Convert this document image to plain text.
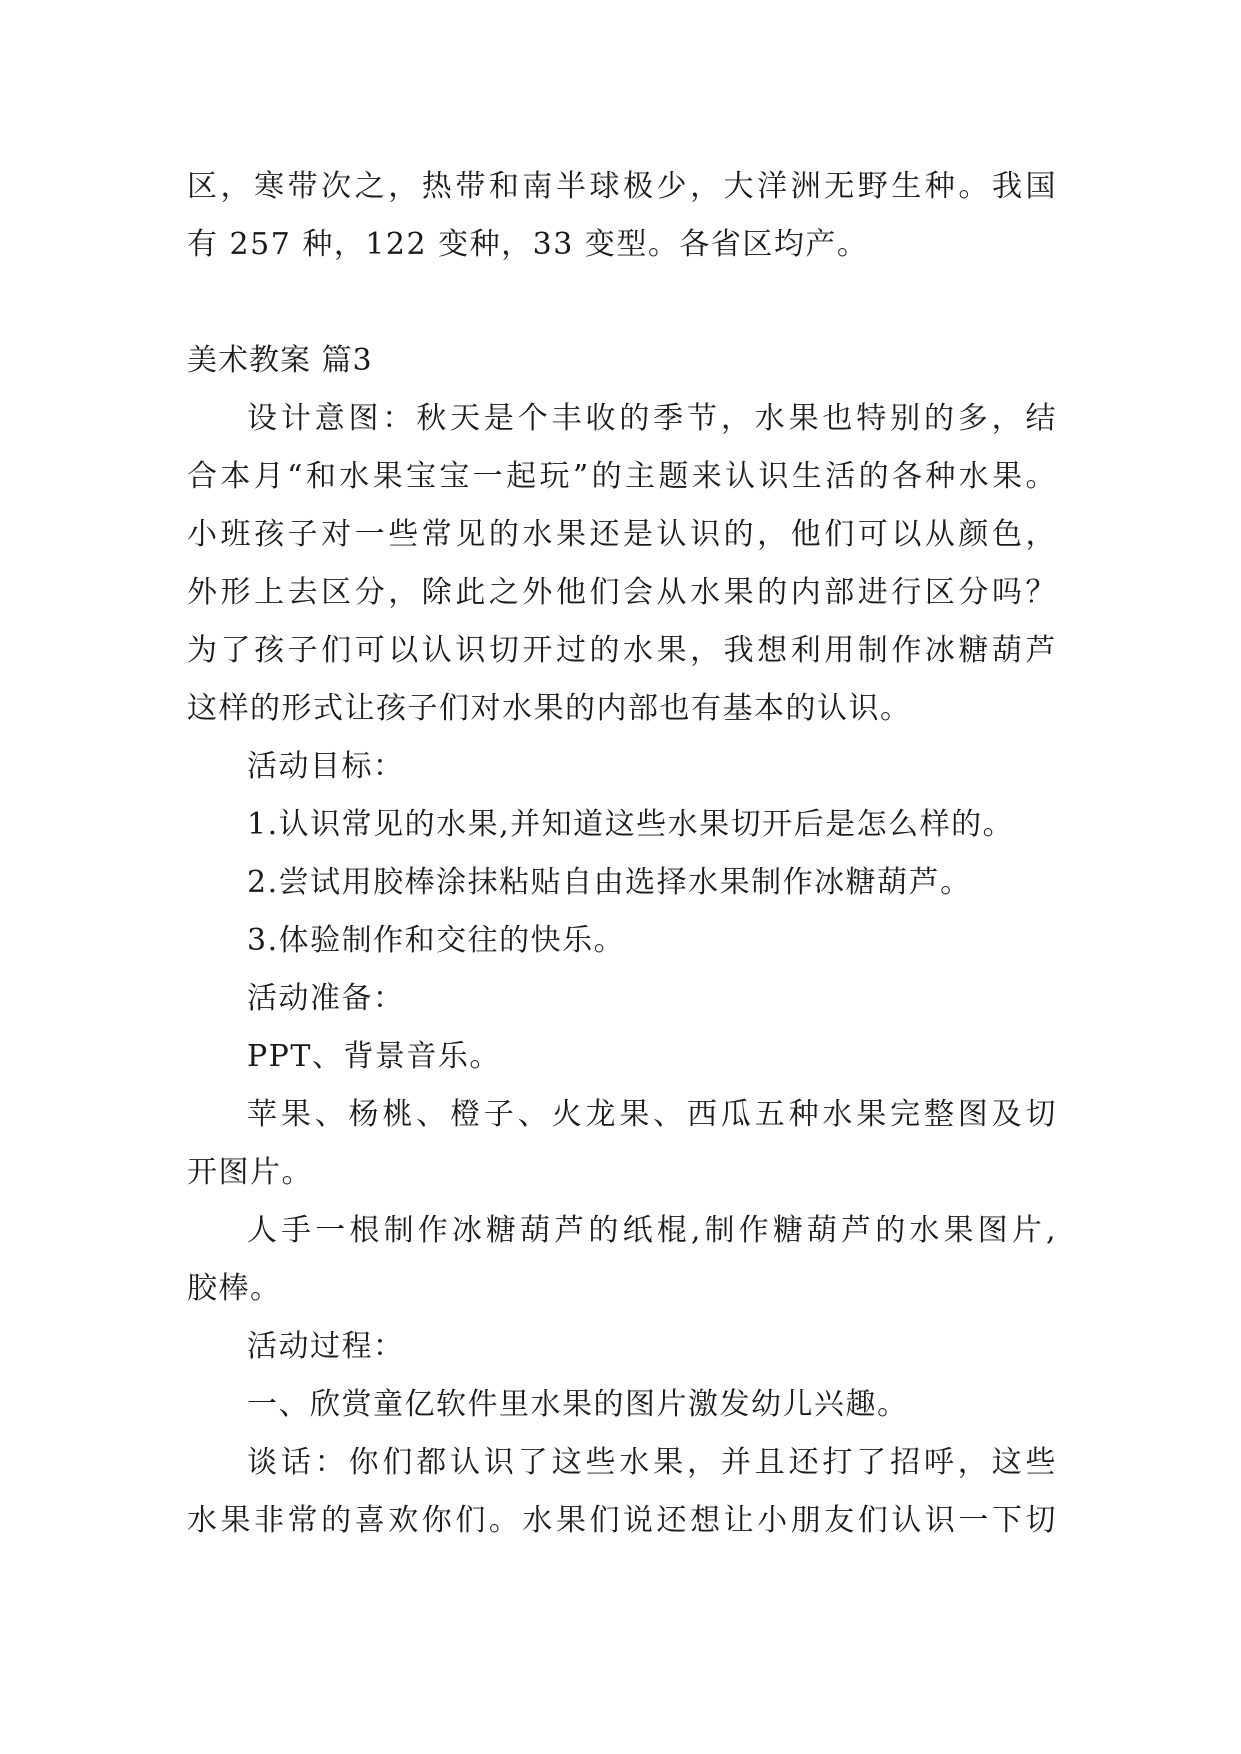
区，寒带次之，热带和南半球极少，大洋洲无野生种。我国
有 257 种，122 变种，33 变型。各省区均产。
美术教案 篇3
设计意图：秋天是个丰收的季节，水果也特别的多，结
合本月“和水果宝宝一起玩”的主题来认识生活的各种水果。
小班孩子对一些常见的水果还是认识的，他们可以从颜色，
外形上去区分，除此之外他们会从水果的内部进行区分吗？
为了孩子们可以认识切开过的水果，我想利用制作冰糖葫芦
这样的形式让孩子们对水果的内部也有基本的认识。
活动目标：
1.认识常见的水果,并知道这些水果切开后是怎么样的。
2.尝试用胶棒涂抹粘贴自由选择水果制作冰糖葫芦。
3.体验制作和交往的快乐。
活动准备：
PPT、背景音乐。
苹果、杨桃、橙子、火龙果、西瓜五种水果完整图及切
开图片。
人手一根制作冰糖葫芦的纸棍,制作糖葫芦的水果图片,
胶棒。
活动过程：
一、欣赏童亿软件里水果的图片激发幼儿兴趣。
谈话：你们都认识了这些水果，并且还打了招呼，这些
水果非常的喜欢你们。水果们说还想让小朋友们认识一下切
